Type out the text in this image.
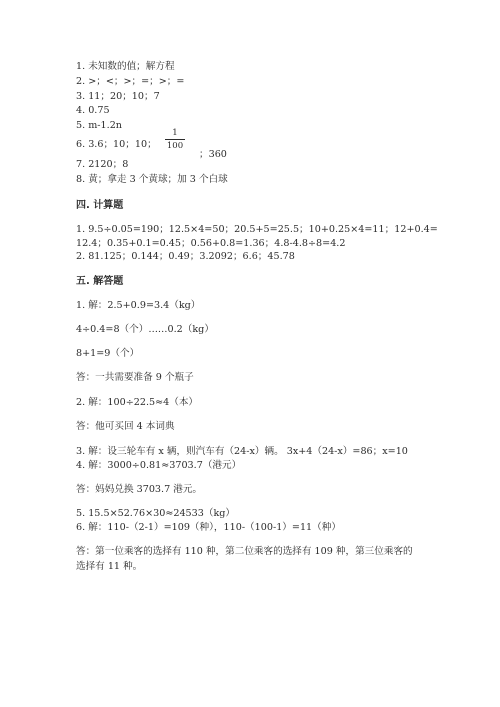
1. 未知数的值；解方程

2. >；<；>；=；>；=

3. 11；20；10；7

4. 0.75

5. m-1.2n

6. 3.6；10；10；

1
100

；360

7. 2120；8

8. 黄；拿走 3 个黄球；加 3 个白球

四. 计算题

1. 9.5÷0.05=190；12.5×4=50；20.5+5=25.5；10+0.25×4=11；12+0.4=

12.4；0.35+0.1=0.45；0.56+0.8=1.36；4.8-4.8÷8=4.2

2. 81.125；0.144；0.49；3.2092；6.6；45.78

五. 解答题

1. 解：2.5+0.9=3.4（kg）

4÷0.4=8（个）……0.2（kg）

8+1=9（个）

答：一共需要准备 9 个瓶子

2. 解：100÷22.5≈4（本）

答：他可买回 4 本词典

3. 解：设三轮车有 x 辆，则汽车有（24-x）辆。 3x+4（24-x）=86；x=10

4. 解：3000÷0.81≈3703.7（港元）

答：妈妈兑换 3703.7 港元。

5. 15.5×52.76×30≈24533（kg）

6. 解：110-（2-1）=109（种），110-（100-1）=11（种）

答：第一位乘客的选择有 110 种，第二位乘客的选择有 109 种，第三位乘客的

选择有 11 种。
